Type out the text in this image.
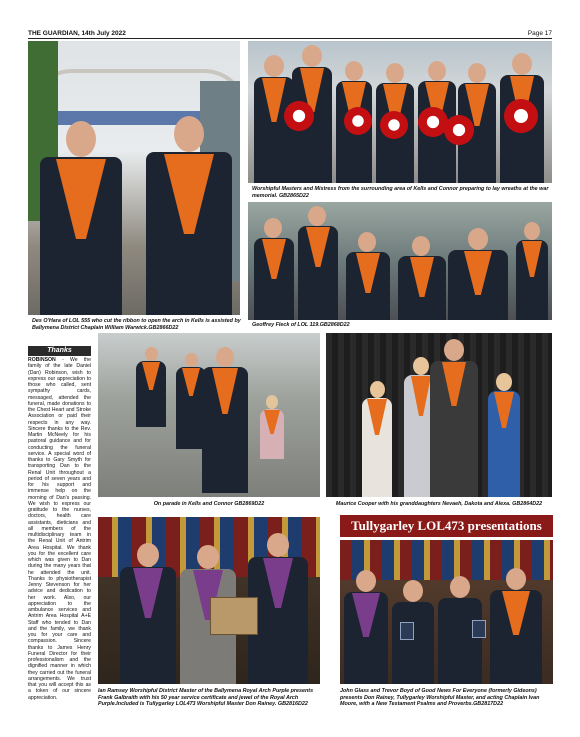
THE GUARDIAN, 14th July 2022	Page 17
Des O'Hara of LOL 555 who cut the ribbon to open the arch in Kells is assisted by Ballymena District Chaplain William Warwick.GB2866D22
Worshipful Masters and Mistress from the surrounding area of Kells and Connor preparing to lay wreaths at the war memorial. GB2865D22
Geoffrey Fleck of LOL 119.GB2868D22
Thanks
ROBINSON - We the family of the late Daniel (Dan) Robinson, wish to express our appreciation to those who called, sent sympathy cards, messaged, attended the funeral, made donations to the Chest Heart and Stroke Association or paid their respects in any way. Sincere thanks to the Rev. Martin McNeely for his pastoral guidance and for conducting the funeral service. A special word of thanks to Gary Smyth for transporting Dan to the Renal Unit throughout a period of seven years and for his support and immense help on the morning of Dan's passing. We wish to express our gratitude to the nurses, doctors, health care assistants, dieticians and all members of the multidisciplinary team in the Renal Unit of Antrim Area Hospital. We thank you for the excellent care which was given to Dan during the many years that he attended the unit. Thanks to physiotherapist Jenny Stevenson for her advice and dedication to her work. Also, our appreciation to the ambulance services and Antrim Area Hospital A+E Staff who tended to Dan and the family, we thank you for your care and compassion. Sincere thanks to James Henry Funeral Director for their professionalism and the dignified manner in which they carried out the funeral arrangements. We trust that you will accept this as a token of our sincere appreciation.
On parade in Kells and Connor GB2869D22	Maurice Cooper with his granddaughters Nevaeh, Dakota and Alexa. GB2864D22
Tullygarley LOL473 presentations
Ian Ramsey Worshipful District Master of the Ballymena Royal Arch Purple presents Frank Galbraith with his 50 year service certificate and jewel of the Royal Arch Purple.Included is Tullygarley LOL473 Worshipful Master Don Rainey. GB2816D22
John Glass and Trevor Boyd of Good News For Everyone (formerly Gideons) presents Don Rainey, Tullygarley Worshipful Master, and acting Chaplain Ivan Moore, with a New Testament Psalms and Proverbs.GB2817D22
